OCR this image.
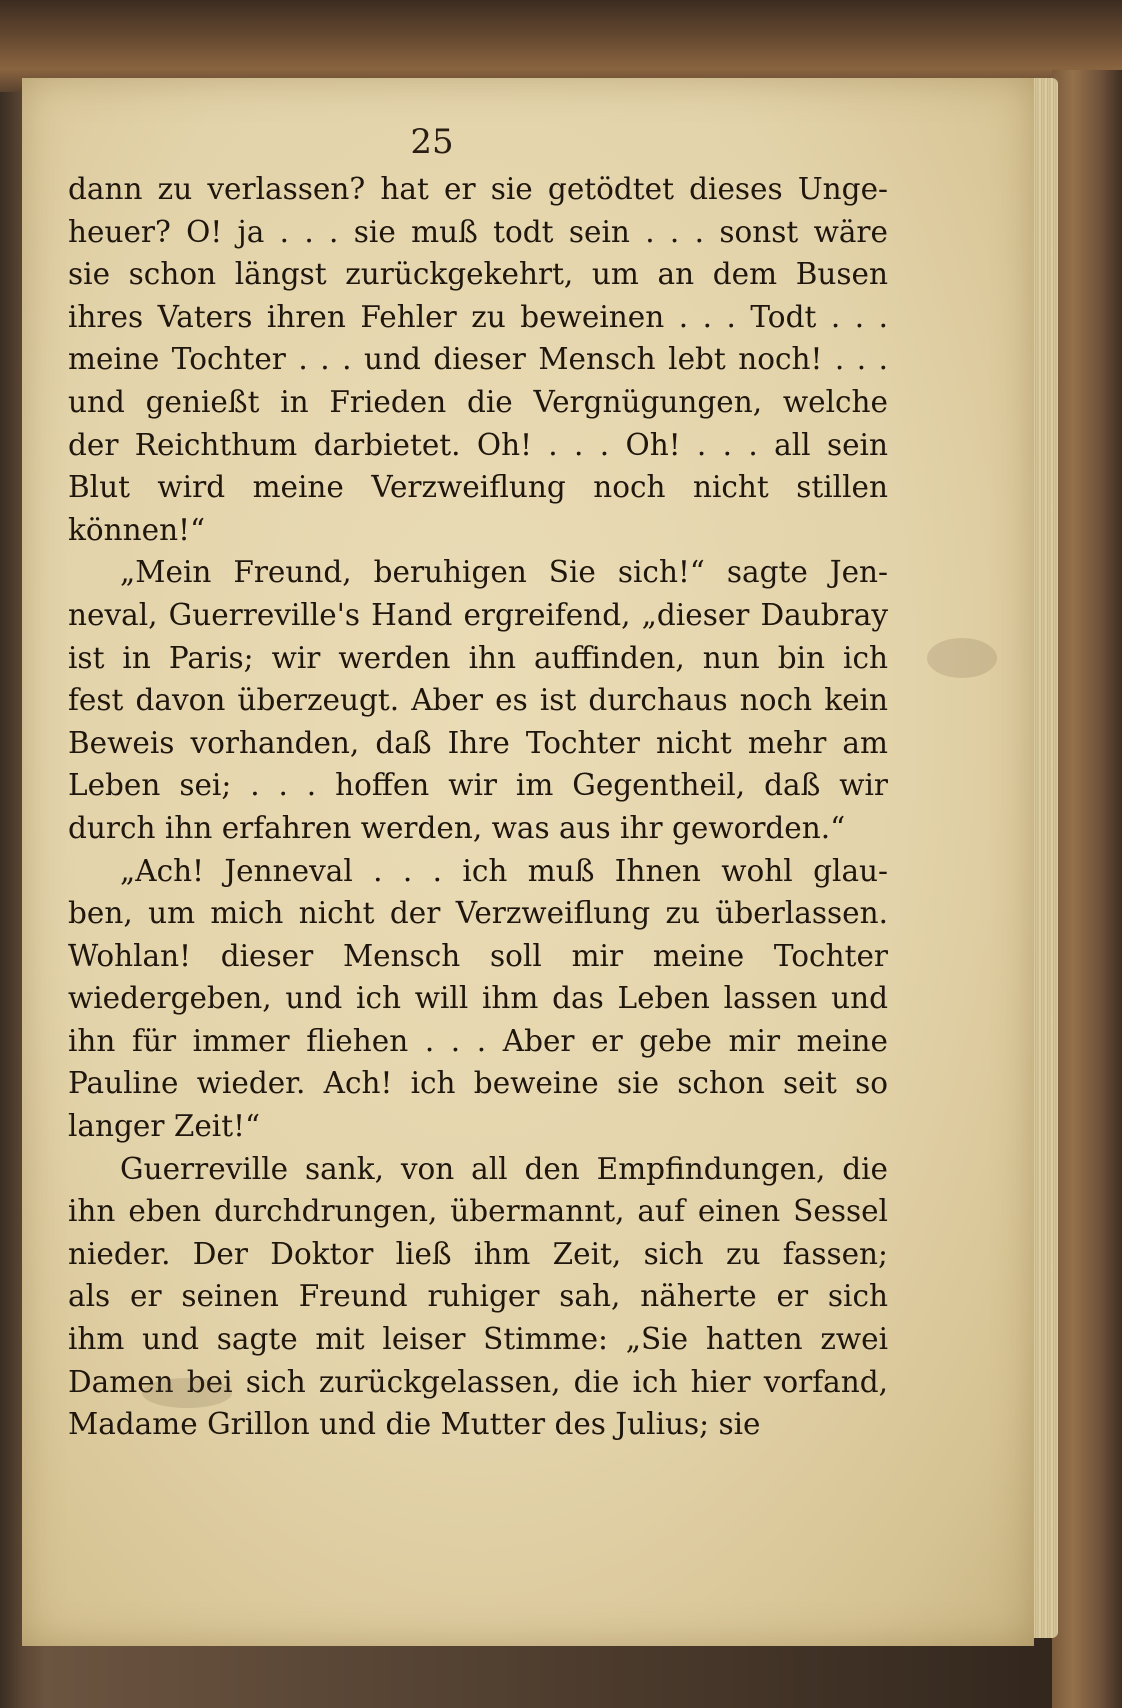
25
dann zu verlassen? hat er sie getödtet dieses Unge-
heuer? O! ja . . . sie muß todt sein . . . sonst wäre
sie schon längst zurückgekehrt, um an dem Busen
ihres Vaters ihren Fehler zu beweinen . . . Todt . . .
meine Tochter . . . und dieser Mensch lebt noch! . . .
und genießt in Frieden die Vergnügungen, welche
der Reichthum darbietet. Oh! . . . Oh! . . . all sein
Blut wird meine Verzweiflung noch nicht stillen
können!“
„Mein Freund, beruhigen Sie sich!“ sagte Jen-
neval, Guerreville's Hand ergreifend, „dieser Daubray
ist in Paris; wir werden ihn auffinden, nun bin ich
fest davon überzeugt. Aber es ist durchaus noch kein
Beweis vorhanden, daß Ihre Tochter nicht mehr am
Leben sei; . . . hoffen wir im Gegentheil, daß wir
durch ihn erfahren werden, was aus ihr geworden.“
„Ach! Jenneval . . . ich muß Ihnen wohl glau-
ben, um mich nicht der Verzweiflung zu überlassen.
Wohlan! dieser Mensch soll mir meine Tochter
wiedergeben, und ich will ihm das Leben lassen und
ihn für immer fliehen . . . Aber er gebe mir meine
Pauline wieder. Ach! ich beweine sie schon seit so
langer Zeit!“
Guerreville sank, von all den Empfindungen, die
ihn eben durchdrungen, übermannt, auf einen Sessel
nieder. Der Doktor ließ ihm Zeit, sich zu fassen;
als er seinen Freund ruhiger sah, näherte er sich
ihm und sagte mit leiser Stimme: „Sie hatten zwei
Damen bei sich zurückgelassen, die ich hier vorfand,
Madame Grillon und die Mutter des Julius; sie
